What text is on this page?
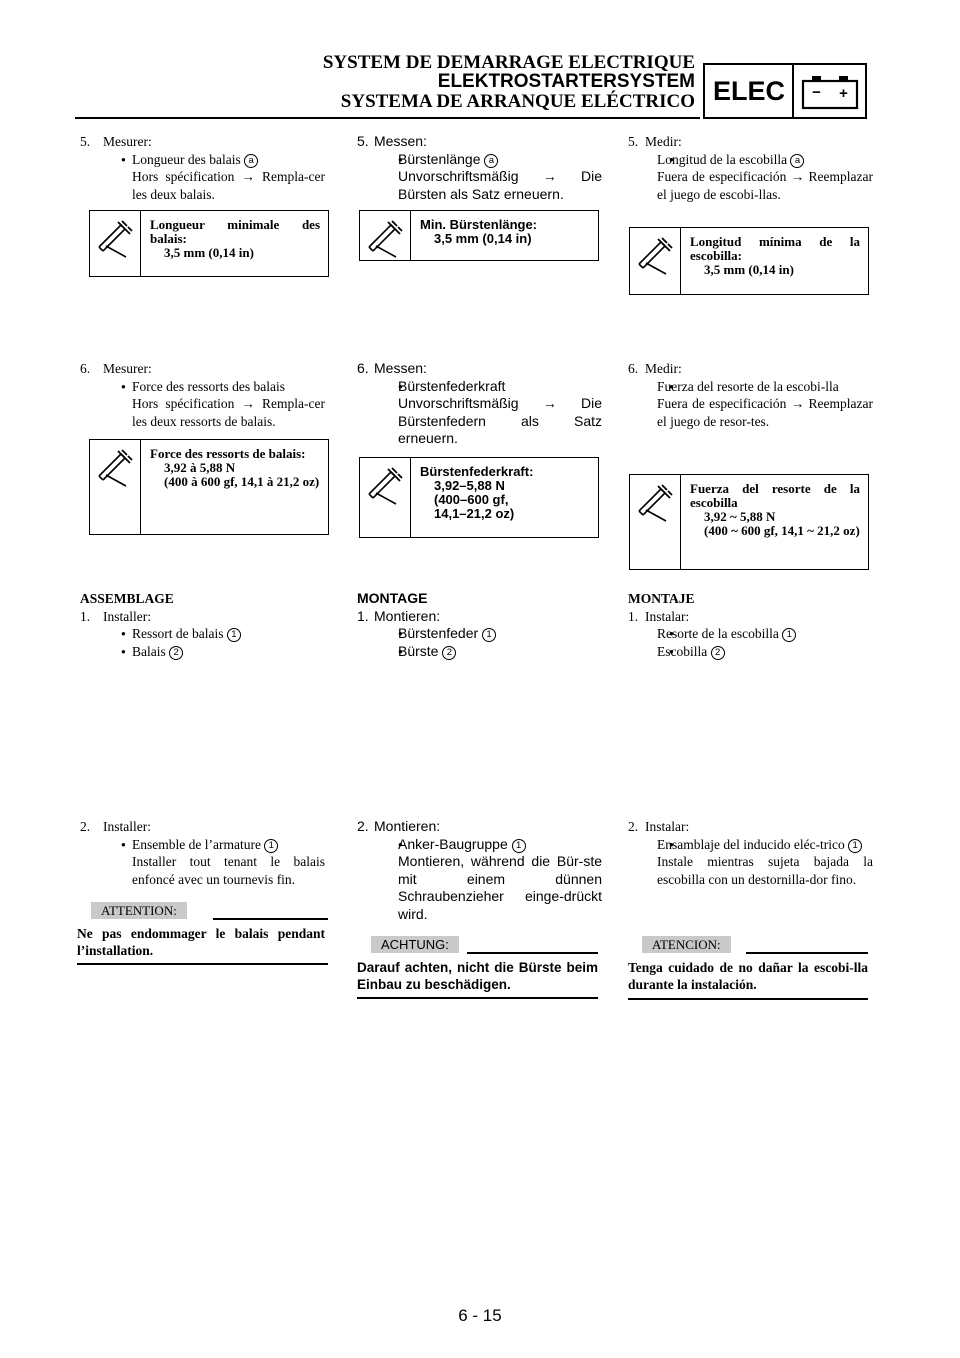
SYSTEM DE DEMARRAGE ELECTRIQUE
ELEKTROSTARTERSYSTEM
SYSTEMA DE ARRANQUE ELÉCTRICO ELEC	− +
5. Mesurer:
● Longueur des balais a
Hors spécification → Rempla-cer les deux balais.
Longueur minimale des balais:
3,5 mm (0,14 in)
6. Mesurer:
● Force des ressorts des balais
Hors spécification → Rempla-cer les deux ressorts de balais.
Force des ressorts de balais:
3,92 à 5,88 N
(400 à 600 gf, 14,1 à 21,2 oz)
ASSEMBLAGE
1. Installer:
● Ressort de balais 1
● Balais 2
2. Installer:
● Ensemble de l’armature 1
Installer tout tenant le balais enfoncé avec un tournevis fin.
ATTENTION:
Ne pas endommager le balais pendant l’installation.
5. Messen:
● Bürstenlänge a
Unvorschriftsmäßig → Die Bürsten als Satz erneuern.
Min. Bürstenlänge:
3,5 mm (0,14 in)
6. Messen:
● Bürstenfederkraft
Unvorschriftsmäßig → Die Bürstenfedern als Satz erneuern.
Bürstenfederkraft:
3,92–5,88 N
(400–600 gf,
14,1–21,2 oz)
MONTAGE
1. Montieren:
● Bürstenfeder 1
● Bürste 2
2. Montieren:
● Anker-Baugruppe 1
Montieren, während die Bür-ste mit einem dünnen Schraubenzieher einge-drückt wird.
ACHTUNG:
Darauf achten, nicht die Bürste beim Einbau zu beschädigen.
5. Medir:
● Longitud de la escobilla a
Fuera de especificación → Reemplazar el juego de escobi-llas.
Longitud mínima de la escobilla:
3,5 mm (0,14 in)
6. Medir:
● Fuerza del resorte de la escobi-lla
Fuera de especificación → Reemplazar el juego de resor-tes.
Fuerza del resorte de la escobilla
3,92 ~ 5,88 N
(400 ~ 600 gf, 14,1 ~ 21,2 oz)
MONTAJE
1. Instalar:
● Resorte de la escobilla 1
● Escobilla 2
2. Instalar:
● Ensamblaje del inducido eléc-trico 1
Instale mientras sujeta bajada la escobilla con un destornilla-dor fino.
ATENCION:
Tenga cuidado de no dañar la escobi-lla durante la instalación.
6 - 15
